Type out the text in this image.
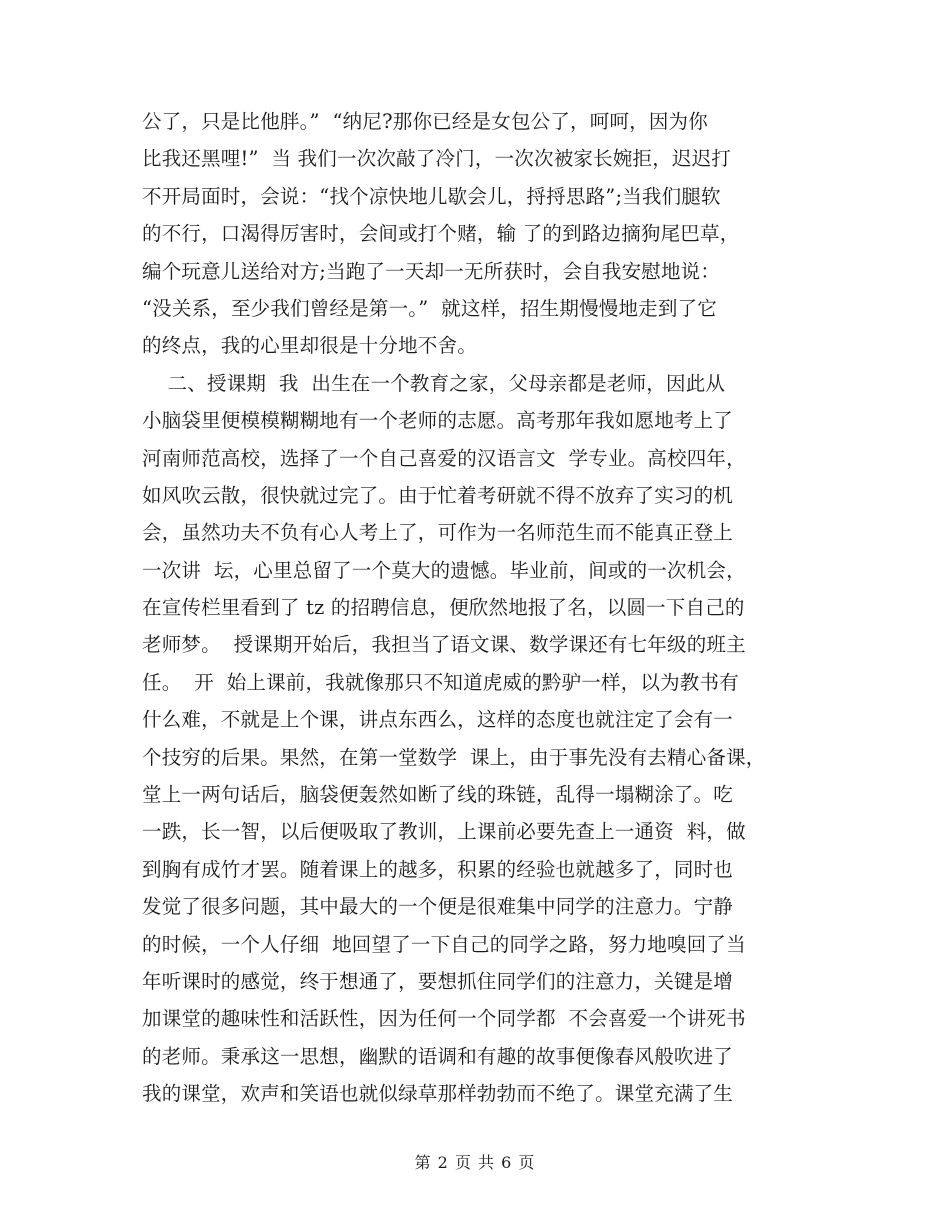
公了，只是比他胖。”  “纳尼?那你已经是女包公了，呵呵，因为你
比我还黑哩!”  当 我们一次次敲了冷门，一次次被家长婉拒，迟迟打
不开局面时，会说：“找个凉快地儿歇会儿，捋捋思路”;当我们腿软
的不行，口渴得厉害时，会间或打个赌，输 了的到路边摘狗尾巴草，
编个玩意儿送给对方;当跑了一天却一无所获时，会自我安慰地说：
“没关系，至少我们曾经是第一。”  就这样，招生期慢慢地走到了它
的终点，我的心里却很是十分地不舍。
二、授课期  我  出生在一个教育之家，父母亲都是老师，因此从
小脑袋里便模模糊糊地有一个老师的志愿。高考那年我如愿地考上了
河南师范高校，选择了一个自己喜爱的汉语言文  学专业。高校四年，
如风吹云散，很快就过完了。由于忙着考研就不得不放弃了实习的机
会，虽然功夫不负有心人考上了，可作为一名师范生而不能真正登上
一次讲  坛，心里总留了一个莫大的遗憾。毕业前，间或的一次机会，
在宣传栏里看到了 tz 的招聘信息，便欣然地报了名，以圆一下自己的
老师梦。  授课期开始后，我担当了语文课、数学课还有七年级的班主
任。  开  始上课前，我就像那只不知道虎威的黔驴一样，以为教书有
什么难，不就是上个课，讲点东西么，这样的态度也就注定了会有一
个技穷的后果。果然，在第一堂数学  课上，由于事先没有去精心备课，
堂上一两句话后，脑袋便轰然如断了线的珠链，乱得一塌糊涂了。吃
一跌，长一智，以后便吸取了教训，上课前必要先查上一通资  料，做
到胸有成竹才罢。随着课上的越多，积累的经验也就越多了，同时也
发觉了很多问题，其中最大的一个便是很难集中同学的注意力。宁静
的时候，一个人仔细  地回望了一下自己的同学之路，努力地嗅回了当
年听课时的感觉，终于想通了，要想抓住同学们的注意力，关键是增
加课堂的趣味性和活跃性，因为任何一个同学都  不会喜爱一个讲死书
的老师。秉承这一思想，幽默的语调和有趣的故事便像春风般吹进了
我的课堂，欢声和笑语也就似绿草那样勃勃而不绝了。课堂充满了生
第 2 页 共 6 页
